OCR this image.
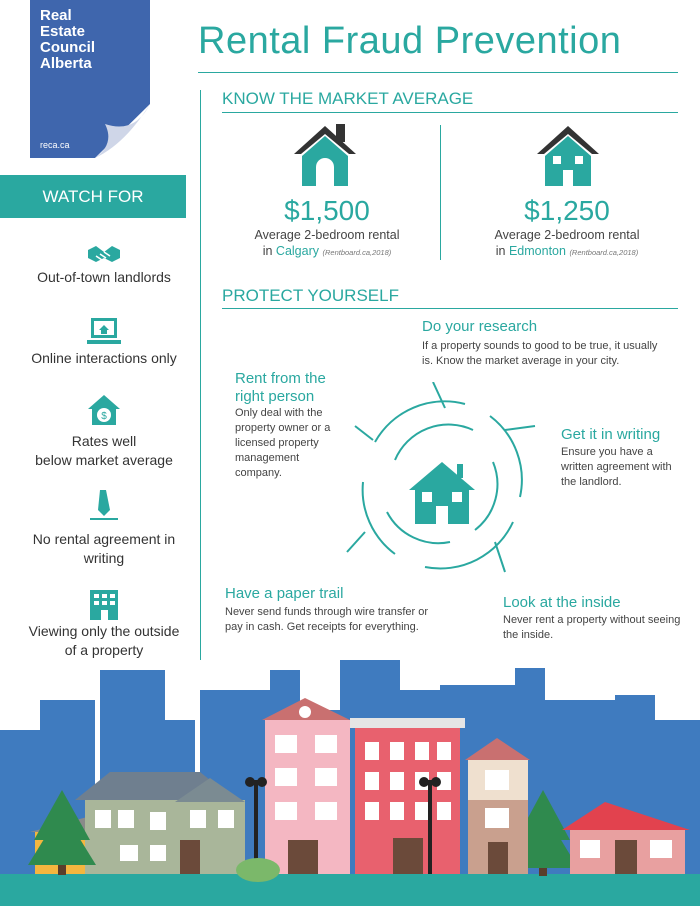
Real
Estate
Council
Alberta
reca.ca
Rental Fraud Prevention
WATCH FOR
Out-of-town landlords
Online interactions only
$
Rates well
below market average
No rental agreement in
writing
Viewing only the outside
of a property
KNOW THE MARKET AVERAGE
$1,500
Average 2-bedroom rental
in Calgary (Rentboard.ca,2018)
$1,250
Average 2-bedroom rental
in Edmonton (Rentboard.ca,2018)
PROTECT YOURSELF
Do your research
If a property sounds to good to be true, it usually is. Know the market average in your city.
Rent from the right person
Only deal with the property owner or a licensed property management company.
Get it in writing
Ensure you have a written agreement with the landlord.
Have a paper trail
Never send funds through wire transfer or pay in cash. Get receipts for everything.
Look at the inside
Never rent a property without seeing the inside.
